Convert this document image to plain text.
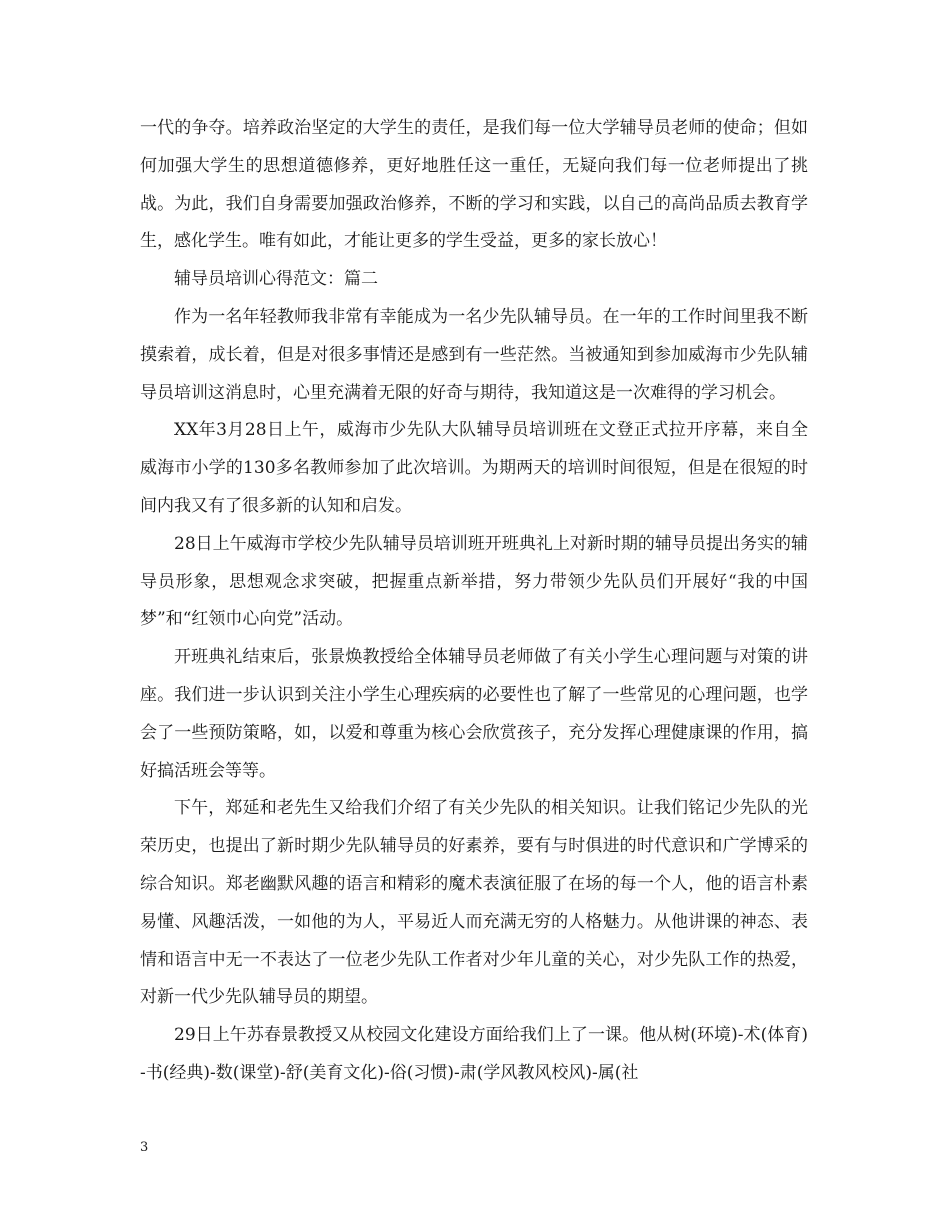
一代的争夺。培养政治坚定的大学生的责任，是我们每一位大学辅导员老师的使命；但如何加强大学生的思想道德修养，更好地胜任这一重任，无疑向我们每一位老师提出了挑战。为此，我们自身需要加强政治修养，不断的学习和实践，以自己的高尚品质去教育学生，感化学生。唯有如此，才能让更多的学生受益，更多的家长放心！

辅导员培训心得范文：篇二

作为一名年轻教师我非常有幸能成为一名少先队辅导员。在一年的工作时间里我不断摸索着，成长着，但是对很多事情还是感到有一些茫然。当被通知到参加威海市少先队辅导员培训这消息时，心里充满着无限的好奇与期待，我知道这是一次难得的学习机会。

XX年3月28日上午，威海市少先队大队辅导员培训班在文登正式拉开序幕，来自全威海市小学的130多名教师参加了此次培训。为期两天的培训时间很短，但是在很短的时间内我又有了很多新的认知和启发。

28日上午威海市学校少先队辅导员培训班开班典礼上对新时期的辅导员提出务实的辅导员形象，思想观念求突破，把握重点新举措，努力带领少先队员们开展好“我的中国梦”和“红领巾心向党”活动。

开班典礼结束后，张景焕教授给全体辅导员老师做了有关小学生心理问题与对策的讲座。我们进一步认识到关注小学生心理疾病的必要性也了解了一些常见的心理问题，也学会了一些预防策略，如，以爱和尊重为核心会欣赏孩子，充分发挥心理健康课的作用，搞好搞活班会等等。

下午，郑延和老先生又给我们介绍了有关少先队的相关知识。让我们铭记少先队的光荣历史，也提出了新时期少先队辅导员的好素养，要有与时俱进的时代意识和广学博采的综合知识。郑老幽默风趣的语言和精彩的魔术表演征服了在场的每一个人，他的语言朴素易懂、风趣活泼，一如他的为人，平易近人而充满无穷的人格魅力。从他讲课的神态、表情和语言中无一不表达了一位老少先队工作者对少年儿童的关心，对少先队工作的热爱，对新一代少先队辅导员的期望。

29日上午苏春景教授又从校园文化建设方面给我们上了一课。他从树(环境)-术(体育)-书(经典)-数(课堂)-舒(美育文化)-俗(习惯)-肃(学风教风校风)-属(社

3
